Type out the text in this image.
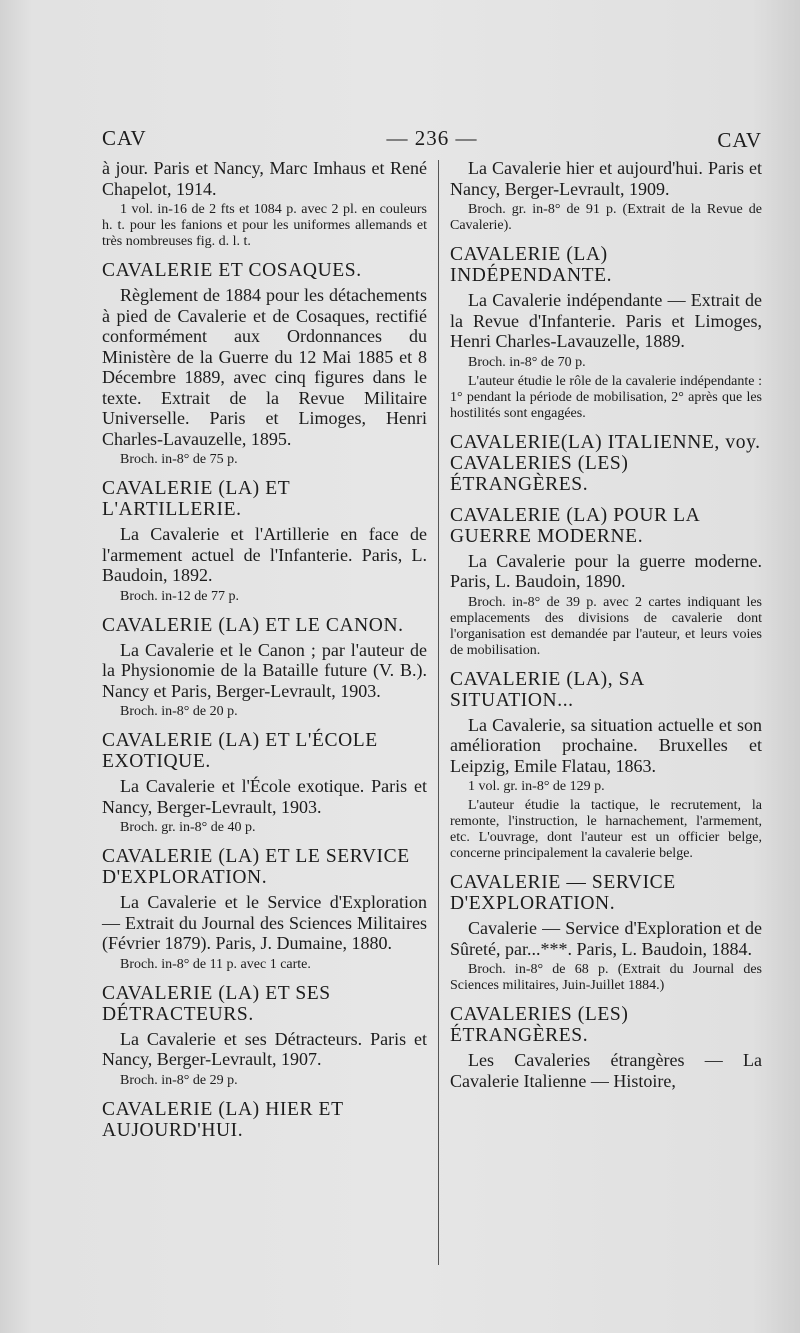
CAV	— 236 —	CAV

à jour. Paris et Nancy, Marc Imhaus et René Chapelot, 1914.

1 vol. in-16 de 2 fts et 1084 p. avec 2 pl. en couleurs h. t. pour les fanions et pour les uniformes allemands et très nombreuses fig. d. l. t.

CAVALERIE ET COSAQUES.

Règlement de 1884 pour les détachements à pied de Cavalerie et de Cosaques, rectifié conformément aux Ordonnances du Ministère de la Guerre du 12 Mai 1885 et 8 Décembre 1889, avec cinq figures dans le texte. Extrait de la Revue Militaire Universelle. Paris et Limoges, Henri Charles-Lavauzelle, 1895.

Broch. in-8° de 75 p.

CAVALERIE (LA) ET L'ARTILLERIE.

La Cavalerie et l'Artillerie en face de l'armement actuel de l'Infanterie. Paris, L. Baudoin, 1892.

Broch. in-12 de 77 p.

CAVALERIE (LA) ET LE CANON.

La Cavalerie et le Canon ; par l'auteur de la Physionomie de la Bataille future (V. B.). Nancy et Paris, Berger-Levrault, 1903.

Broch. in-8° de 20 p.

CAVALERIE (LA) ET L'ÉCOLE EXOTIQUE.

La Cavalerie et l'École exotique. Paris et Nancy, Berger-Levrault, 1903.

Broch. gr. in-8° de 40 p.

CAVALERIE (LA) ET LE SERVICE D'EXPLORATION.

La Cavalerie et le Service d'Exploration — Extrait du Journal des Sciences Militaires (Février 1879). Paris, J. Dumaine, 1880.

Broch. in-8° de 11 p. avec 1 carte.

CAVALERIE (LA) ET SES DÉTRACTEURS.

La Cavalerie et ses Détracteurs. Paris et Nancy, Berger-Levrault, 1907.

Broch. in-8° de 29 p.

CAVALERIE (LA) HIER ET AUJOURD'HUI.

La Cavalerie hier et aujourd'hui. Paris et Nancy, Berger-Levrault, 1909.

Broch. gr. in-8° de 91 p. (Extrait de la Revue de Cavalerie).

CAVALERIE (LA) INDÉPENDANTE.

La Cavalerie indépendante — Extrait de la Revue d'Infanterie. Paris et Limoges, Henri Charles-Lavauzelle, 1889.

Broch. in-8° de 70 p.

L'auteur étudie le rôle de la cavalerie indépendante : 1° pendant la période de mobilisation, 2° après que les hostilités sont engagées.

CAVALERIE(LA) ITALIENNE, voy. CAVALERIES (LES) ÉTRANGÈRES.
CAVALERIE (LA) POUR LA GUERRE MODERNE.

La Cavalerie pour la guerre moderne. Paris, L. Baudoin, 1890.

Broch. in-8° de 39 p. avec 2 cartes indiquant les emplacements des divisions de cavalerie dont l'organisation est demandée par l'auteur, et leurs voies de mobilisation.

CAVALERIE (LA), SA SITUATION...

La Cavalerie, sa situation actuelle et son amélioration prochaine. Bruxelles et Leipzig, Emile Flatau, 1863.

1 vol. gr. in-8° de 129 p.

L'auteur étudie la tactique, le recrutement, la remonte, l'instruction, le harnachement, l'armement, etc. L'ouvrage, dont l'auteur est un officier belge, concerne principalement la cavalerie belge.

CAVALERIE — SERVICE D'EXPLORATION.

Cavalerie — Service d'Exploration et de Sûreté, par...***. Paris, L. Baudoin, 1884.

Broch. in-8° de 68 p. (Extrait du Journal des Sciences militaires, Juin-Juillet 1884.)

CAVALERIES (LES) ÉTRANGÈRES.

Les Cavaleries étrangères — La Cavalerie Italienne — Histoire,
